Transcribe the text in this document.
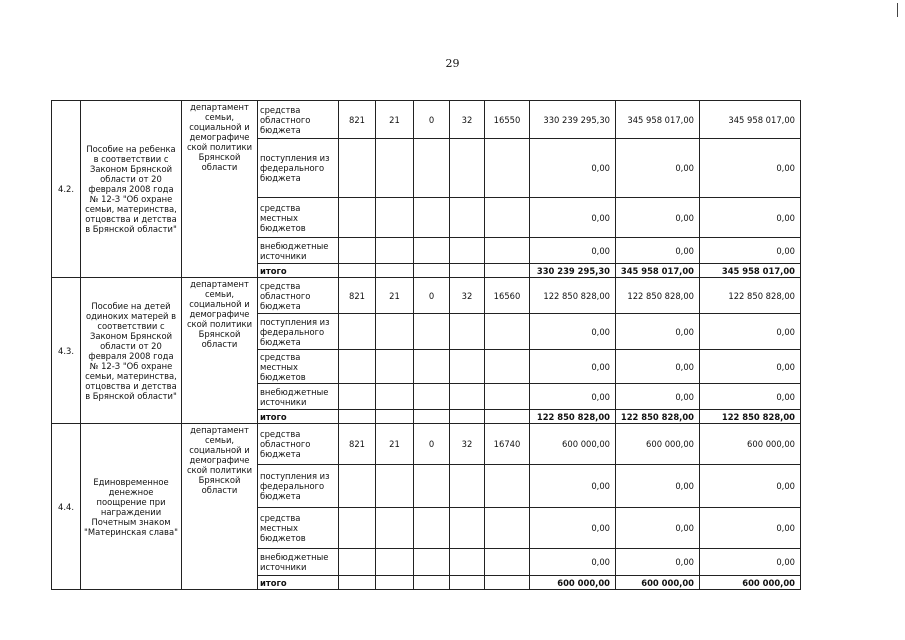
29
4.2.	Пособие на ребенка в соответствии с Законом Брянской области от 20 февраля 2008 года № 12-З "Об охране семьи, материнства, отцовства и детства в Брянской области"	департамент семьи, социальной и демографиче ской политики Брянской области	средства областного бюджета	821	21	0	32	16550	330 239 295,30	345 958 017,00	345 958 017,00
			поступления из федерального бюджета						0,00	0,00	0,00
			средства местных бюджетов						0,00	0,00	0,00
			внебюджетные источники						0,00	0,00	0,00
			итого						330 239 295,30	345 958 017,00	345 958 017,00
4.3.	Пособие на детей одиноких матерей в соответствии с Законом Брянской области от 20 февраля 2008 года № 12-З "Об охране семьи, материнства, отцовства и детства в Брянской области"	департамент семьи, социальной и демографиче ской политики Брянской области	средства областного бюджета	821	21	0	32	16560	122 850 828,00	122 850 828,00	122 850 828,00
			поступления из федерального бюджета						0,00	0,00	0,00
			средства местных бюджетов						0,00	0,00	0,00
			внебюджетные источники						0,00	0,00	0,00
			итого						122 850 828,00	122 850 828,00	122 850 828,00
4.4.	Единовременное денежное поощрение при награждении Почетным знаком "Материнская слава"	департамент семьи, социальной и демографиче ской политики Брянской области	средства областного бюджета	821	21	0	32	16740	600 000,00	600 000,00	600 000,00
			поступления из федерального бюджета						0,00	0,00	0,00
			средства местных бюджетов						0,00	0,00	0,00
			внебюджетные источники						0,00	0,00	0,00
			итого						600 000,00	600 000,00	600 000,00
